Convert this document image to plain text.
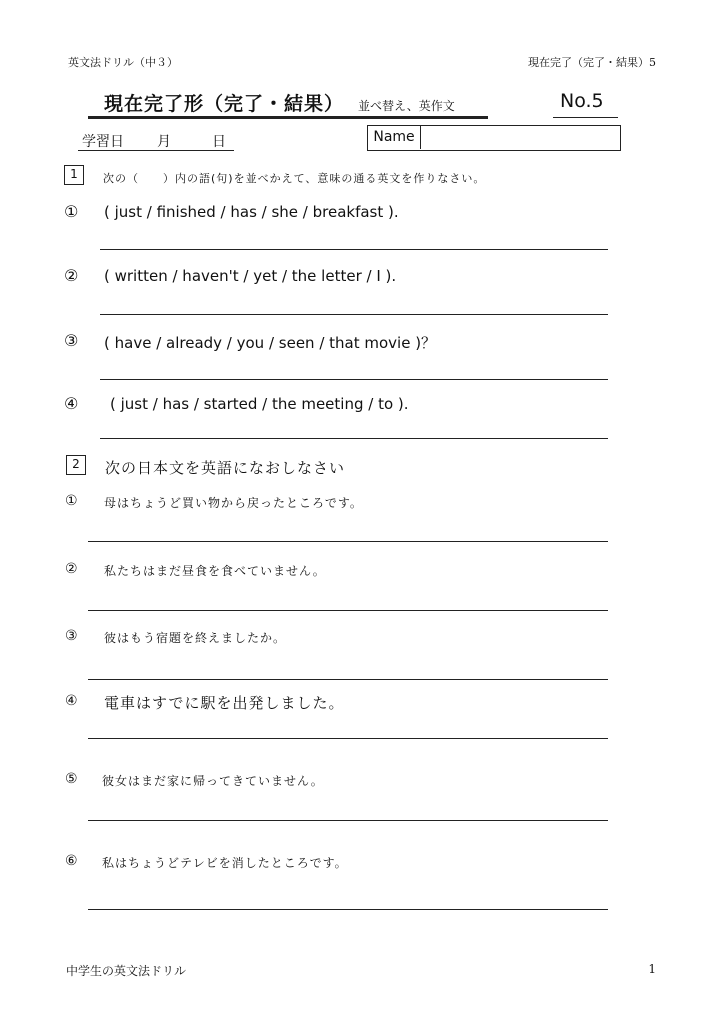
英文法ドリル（中３）	現在完了（完了・結果）5
現在完了形（完了・結果） 並べ替え、英作文	No.5
学習日 月	日	Name
1	次の（　　）内の語(句)を並べかえて、意味の通る英文を作りなさい。
① ( just / finished / has / she / breakfast ).
② ( written / haven't / yet / the letter / I ).
③ ( have / already / you / seen / that movie )？
④ ( just / has / started / the meeting / to ).
2	次の日本文を英語になおしなさい
① 母はちょうど買い物から戻ったところです。
② 私たちはまだ昼食を食べていません。
③ 彼はもう宿題を終えましたか。
④ 電車はすでに駅を出発しました。
⑤ 彼女はまだ家に帰ってきていません。
⑥ 私はちょうどテレビを消したところです。
中学生の英文法ドリル	1
